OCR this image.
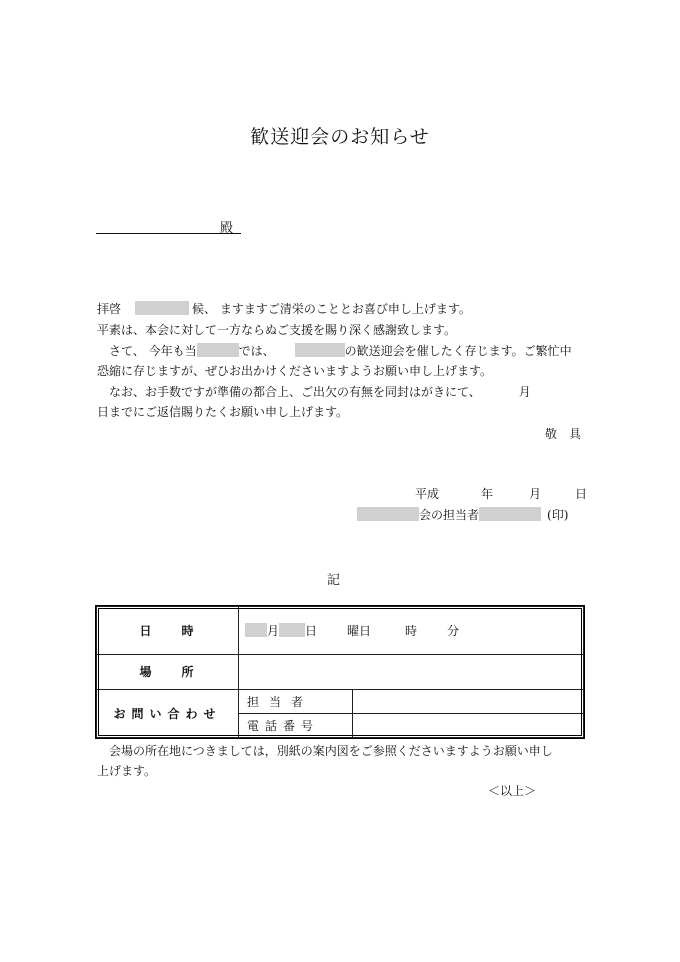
歓送迎会のお知らせ
殿
拝啓	候、 ますますご清栄のこととお喜び申し上げます。
平素は、本会に対して一方ならぬご支援を賜り深く感謝致します。
さて、 今年も当	では、	の歓送迎会を催したく存じます。ご繁忙中
恐縮に存じますが、ぜひお出かけくださいますようお願い申し上げます。
なお、お手数ですが準備の都合上、ご出欠の有無を同封はがきにて、	月
日までにご返信賜りたくお願い申し上げます。
敬　具
平成	年	月	日
会の担当者	(印)
記
日　　時	月 日 曜日 時 分	
場　　所		
お問い合わせ	担当者	
	電話番号	
会場の所在地につきましては，別紙の案内図をご参照くださいますようお願い申し
上げます。
＜以上＞
